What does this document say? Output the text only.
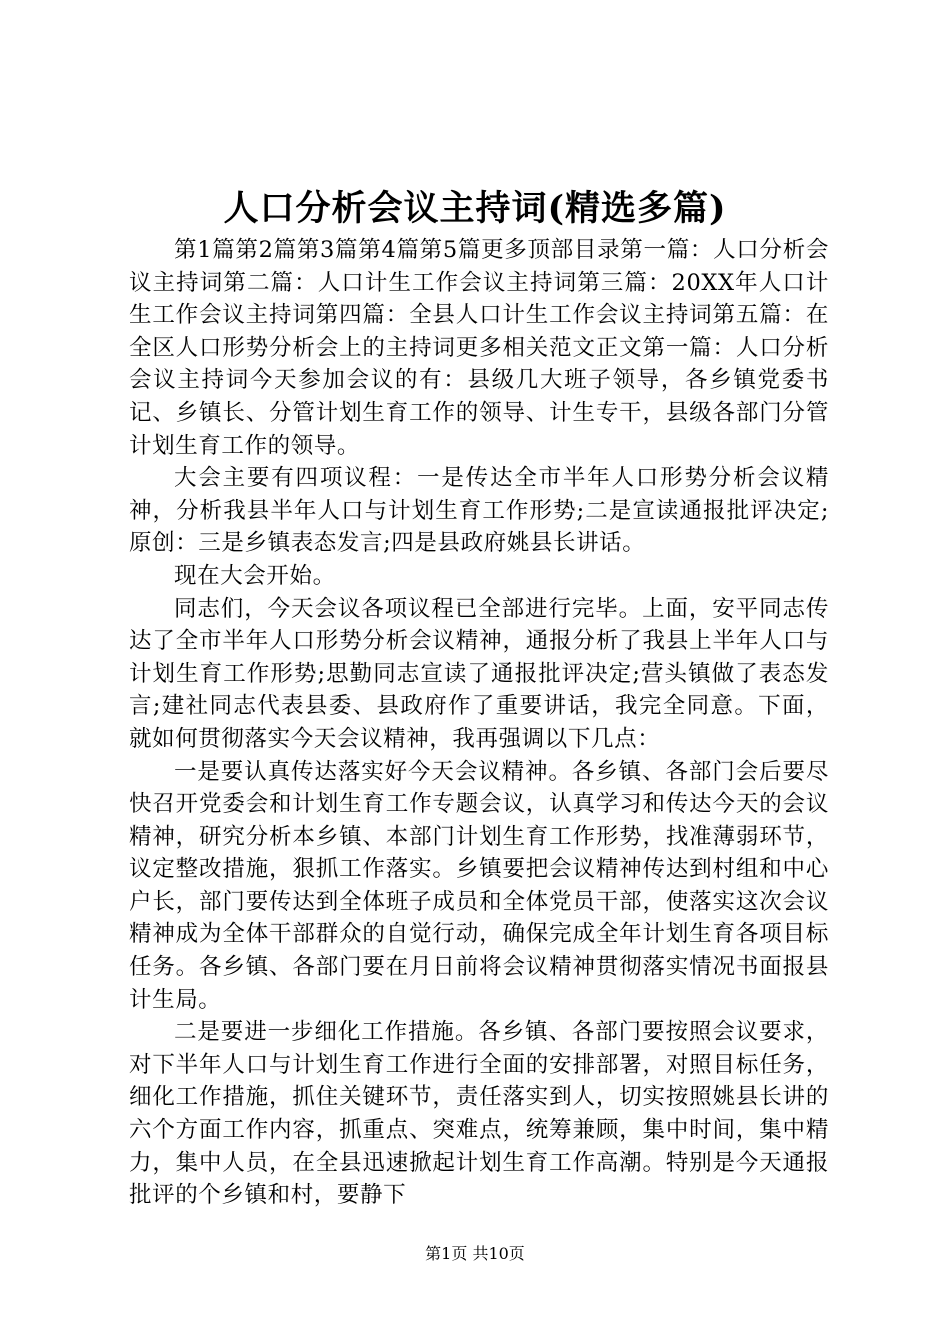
人口分析会议主持词(精选多篇)

第1篇第2篇第3篇第4篇第5篇更多顶部目录第一篇：人口分析会议主持词第二篇：人口计生工作会议主持词第三篇：20XX年人口计生工作会议主持词第四篇：全县人口计生工作会议主持词第五篇：在全区人口形势分析会上的主持词更多相关范文正文第一篇：人口分析会议主持词今天参加会议的有：县级几大班子领导，各乡镇党委书记、乡镇长、分管计划生育工作的领导、计生专干，县级各部门分管计划生育工作的领导。

大会主要有四项议程：一是传达全市半年人口形势分析会议精神，分析我县半年人口与计划生育工作形势;二是宣读通报批评决定;原创：三是乡镇表态发言;四是县政府姚县长讲话。

现在大会开始。

同志们，今天会议各项议程已全部进行完毕。上面，安平同志传达了全市半年人口形势分析会议精神，通报分析了我县上半年人口与计划生育工作形势;思勤同志宣读了通报批评决定;营头镇做了表态发言;建社同志代表县委、县政府作了重要讲话，我完全同意。下面，就如何贯彻落实今天会议精神，我再强调以下几点：

一是要认真传达落实好今天会议精神。各乡镇、各部门会后要尽快召开党委会和计划生育工作专题会议，认真学习和传达今天的会议精神，研究分析本乡镇、本部门计划生育工作形势，找准薄弱环节，议定整改措施，狠抓工作落实。乡镇要把会议精神传达到村组和中心户长，部门要传达到全体班子成员和全体党员干部，使落实这次会议精神成为全体干部群众的自觉行动，确保完成全年计划生育各项目标任务。各乡镇、各部门要在月日前将会议精神贯彻落实情况书面报县计生局。

二是要进一步细化工作措施。各乡镇、各部门要按照会议要求，对下半年人口与计划生育工作进行全面的安排部署，对照目标任务，细化工作措施，抓住关键环节，责任落实到人，切实按照姚县长讲的六个方面工作内容，抓重点、突难点，统筹兼顾，集中时间，集中精力，集中人员，在全县迅速掀起计划生育工作高潮。特别是今天通报批评的个乡镇和村，要静下

第1页 共10页
